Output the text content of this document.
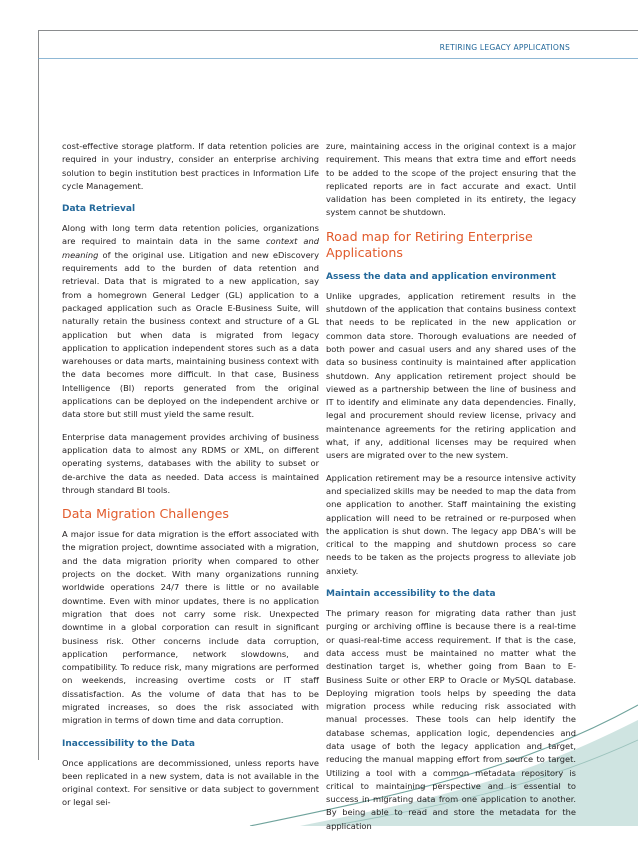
RETIRING LEGACY APPLICATIONS

cost-effective storage platform. If data retention policies are required in your industry, consider an enterprise archiving solution to begin institution best practices in Information Life cycle Management.

Data Retrieval

Along with long term data retention policies, organizations are required to maintain data in the same context and meaning of the original use. Litigation and new eDiscovery requirements add to the burden of data retention and retrieval. Data that is migrated to a new application, say from a homegrown General Ledger (GL) application to a packaged application such as Oracle E-Business Suite, will naturally retain the business context and structure of a GL application but when data is migrated from legacy application to application independent stores such as a data warehouses or data marts, maintaining business context with the data becomes more difficult. In that case, Business Intelligence (BI) reports generated from the original applications can be deployed on the independent archive or data store but still must yield the same result.

Enterprise data management provides archiving of business application data to almost any RDMS or XML, on different operating systems, databases with the ability to subset or de-archive the data as needed. Data access is maintained through standard BI tools.

Data Migration Challenges

A major issue for data migration is the effort associated with the migration project, downtime associated with a migration, and the data migration priority when compared to other projects on the docket. With many organizations running worldwide operations 24/7 there is little or no available downtime. Even with minor updates, there is no application migration that does not carry some risk. Unexpected downtime in a global corporation can result in significant business risk. Other concerns include data corruption, application performance, network slowdowns, and compatibility. To reduce risk, many migrations are performed on weekends, increasing overtime costs or IT staff dissatisfaction. As the volume of data that has to be migrated increases, so does the risk associated with migration in terms of down time and data corruption.

Inaccessibility to the Data

Once applications are decommissioned, unless reports have been replicated in a new system, data is not available in the original context. For sensitive or data subject to government or legal sei-

zure, maintaining access in the original context is a major requirement. This means that extra time and effort needs to be added to the scope of the project ensuring that the replicated reports are in fact accurate and exact. Until validation has been completed in its entirety, the legacy system cannot be shutdown.

Road map for Retiring Enterprise Applications
Assess the data and application environment

Unlike upgrades, application retirement results in the shutdown of the application that contains business context that needs to be replicated in the new application or common data store. Thorough evaluations are needed of both power and casual users and any shared uses of the data so business continuity is maintained after application shutdown. Any application retirement project should be viewed as a partnership between the line of business and IT to identify and eliminate any data dependencies. Finally, legal and procurement should review license, privacy and maintenance agreements for the retiring application and what, if any, additional licenses may be required when users are migrated over to the new system.

Application retirement may be a resource intensive activity and specialized skills may be needed to map the data from one application to another. Staff maintaining the existing application will need to be retrained or re-purposed when the application is shut down. The legacy app DBA’s will be critical to the mapping and shutdown process so care needs to be taken as the projects progress to alleviate job anxiety.

Maintain accessibility to the data

The primary reason for migrating data rather than just purging or archiving offline is because there is a real-time or quasi-real-time access requirement. If that is the case, data access must be maintained no matter what the destination target is, whether going from Baan to E-Business Suite or other ERP to Oracle or MySQL database. Deploying migration tools helps by speeding the data migration process while reducing risk associated with manual processes. These tools can help identify the database schemas, application logic, dependencies and data usage of both the legacy application and target, reducing the manual mapping effort from source to target. Utilizing a tool with a common metadata repository is critical to maintaining perspective and is essential to success in migrating data from one application to another. By being able to read and store the metadata for the application
